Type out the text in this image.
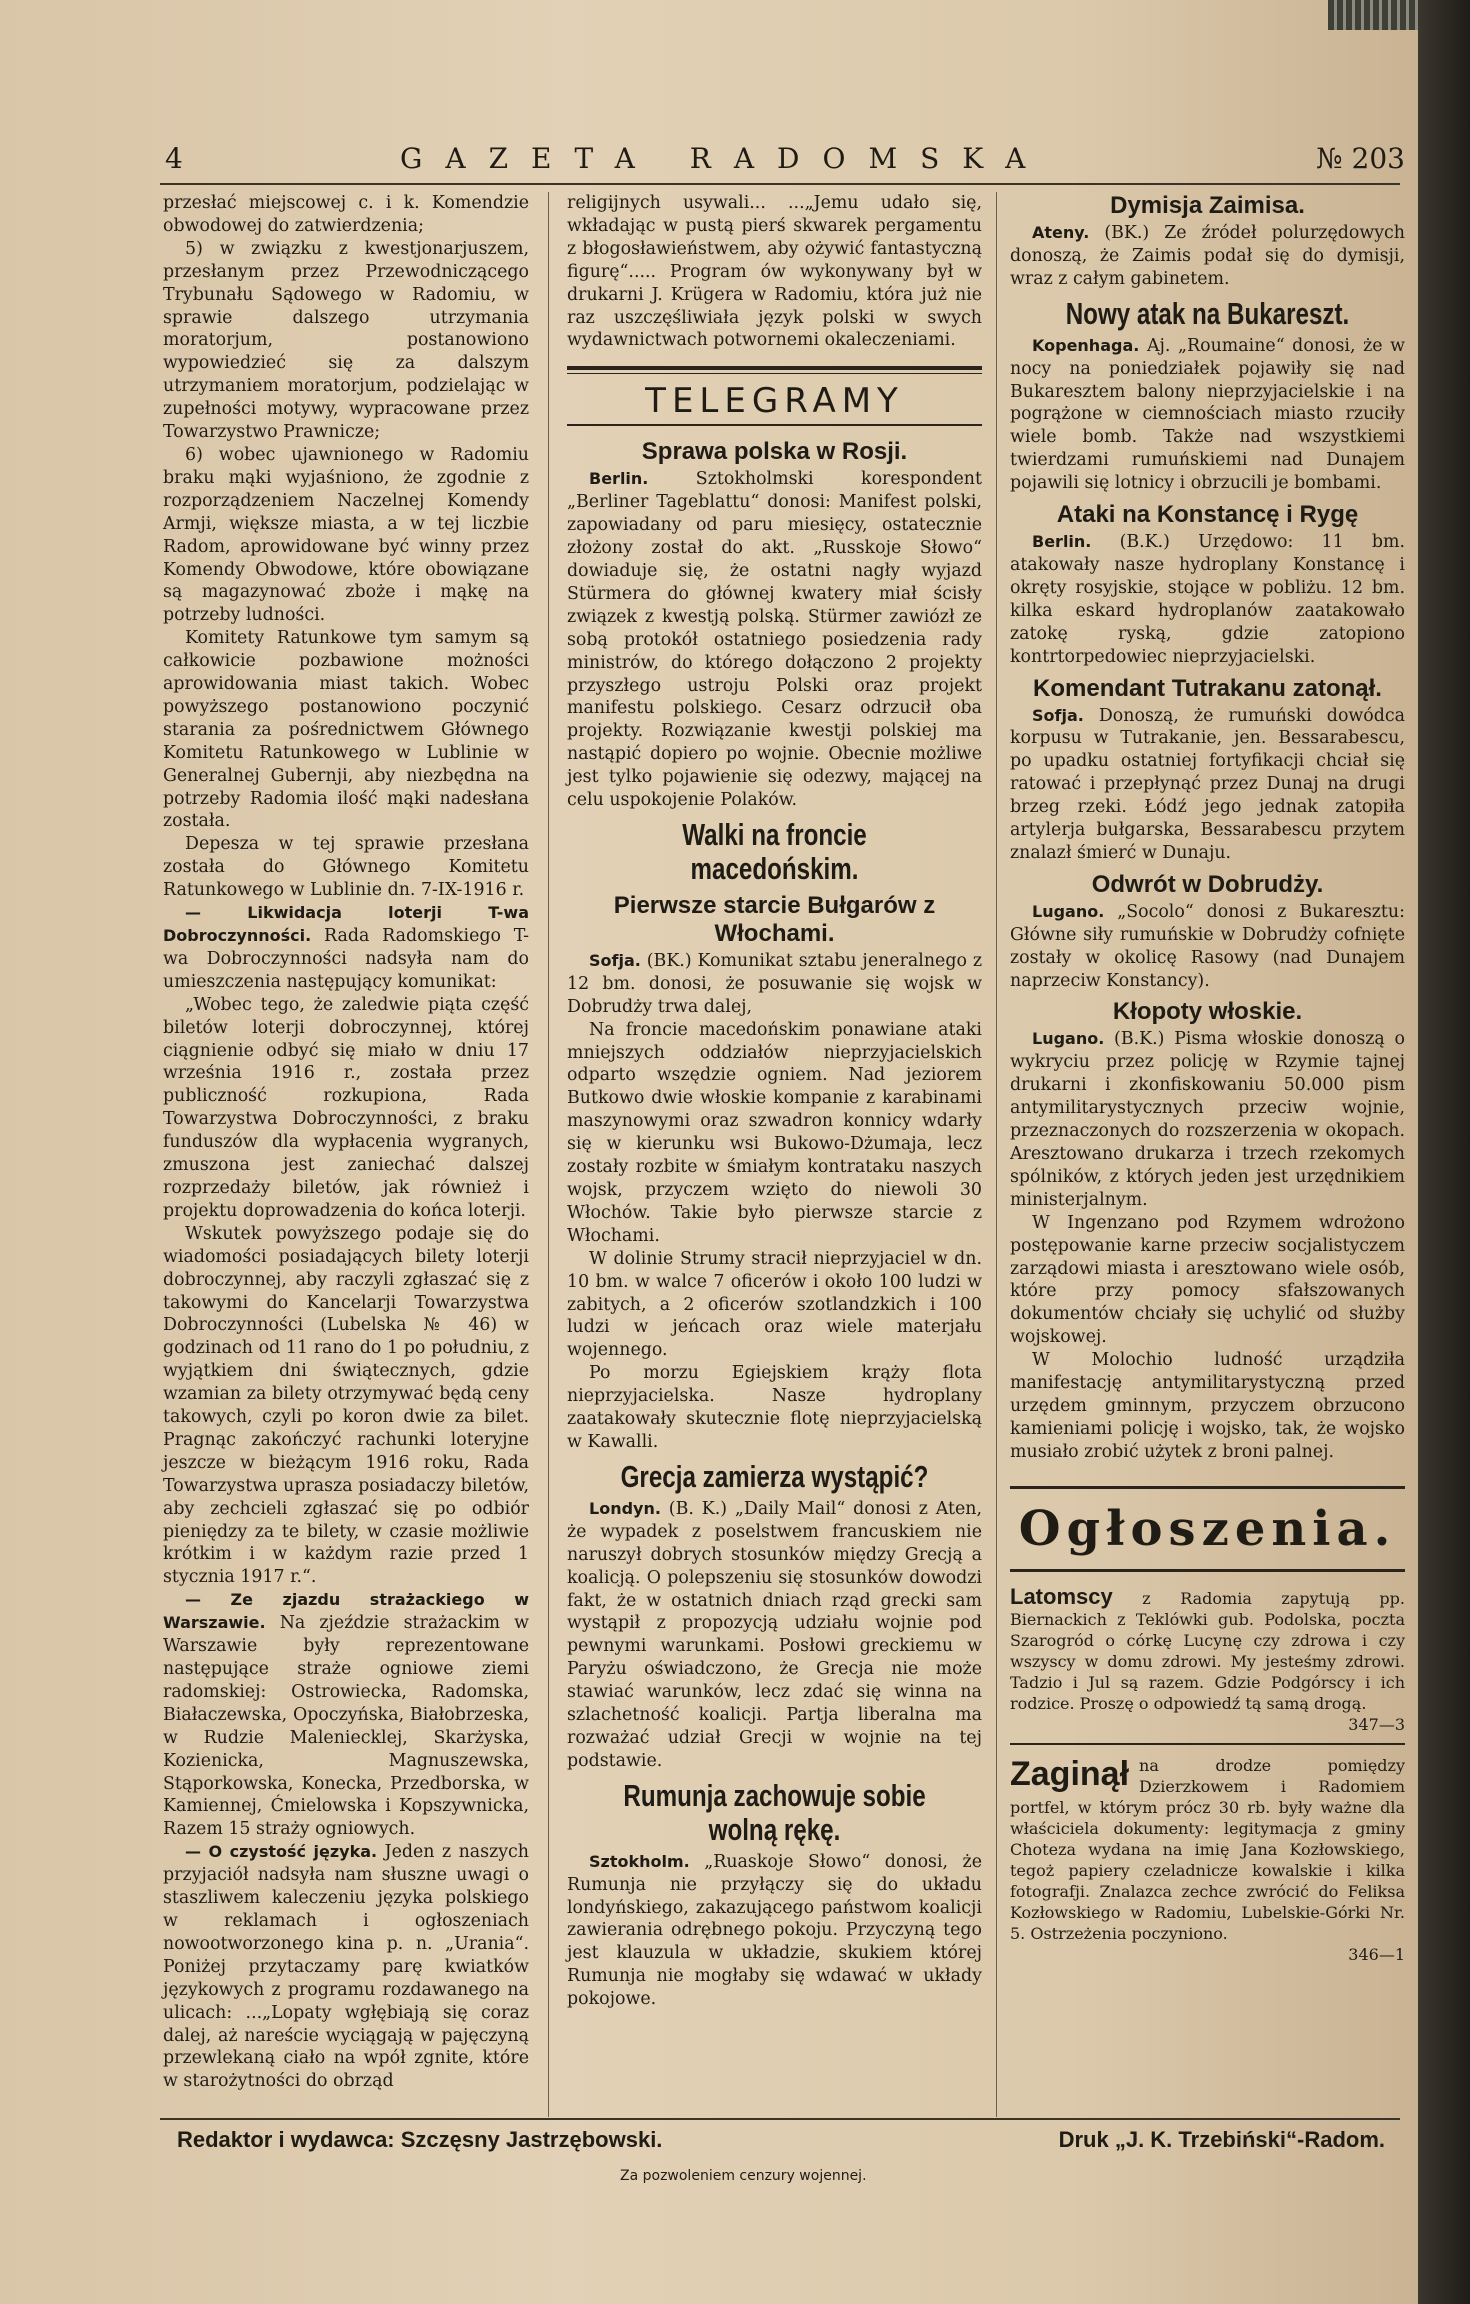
4	GAZETA RADOMSKA	№ 203

przesłać miejscowej c. i k. Komendzie obwodowej do zatwierdzenia;

5) w związku z kwestjonarjuszem, przesłanym przez Przewodniczącego Trybunału Sądowego w Radomiu, w sprawie dalszego utrzymania moratorjum, postanowiono wypowiedzieć się za dalszym utrzymaniem moratorjum, podzielając w zupełności motywy, wypracowane przez Towarzystwo Prawnicze;

6) wobec ujawnionego w Radomiu braku mąki wyjaśniono, że zgodnie z rozporządzeniem Naczelnej Komendy Armji, większe miasta, a w tej liczbie Radom, aprowidowane być winny przez Komendy Obwodowe, które obowiązane są magazynować zboże i mąkę na potrzeby ludności.

Komitety Ratunkowe tym samym są całkowicie pozbawione możności aprowidowania miast takich. Wobec powyższego postanowiono poczynić starania za pośrednictwem Głównego Komitetu Ratunkowego w Lublinie w Generalnej Gubernji, aby niezbędna na potrzeby Radomia ilość mąki nadesłana została.

Depesza w tej sprawie przesłana została do Głównego Komitetu Ratunkowego w Lublinie dn. 7-IX-1916 r.

— Likwidacja loterji T-wa Dobroczynności. Rada Radomskiego T-wa Dobroczynności nadsyła nam do umieszczenia następujący komunikat:

„Wobec tego, że zaledwie piąta część biletów loterji dobroczynnej, której ciągnienie odbyć się miało w dniu 17 września 1916 r., została przez publiczność rozkupiona, Rada Towarzystwa Dobroczynności, z braku funduszów dla wypłacenia wygranych, zmuszona jest zaniechać dalszej rozprzedaży biletów, jak również i projektu doprowadzenia do końca loterji.

Wskutek powyższego podaje się do wiadomości posiadających bilety loterji dobroczynnej, aby raczyli zgłaszać się z takowymi do Kancelarji Towarzystwa Dobroczynności (Lubelska № 46) w godzinach od 11 rano do 1 po południu, z wyjątkiem dni świątecznych, gdzie wzamian za bilety otrzymywać będą ceny takowych, czyli po koron dwie za bilet. Pragnąc zakończyć rachunki loteryjne jeszcze w bieżącym 1916 roku, Rada Towarzystwa uprasza posiadaczy biletów, aby zechcieli zgłaszać się po odbiór pieniędzy za te bilety, w czasie możliwie krótkim i w każdym razie przed 1 stycznia 1917 r.“.

— Ze zjazdu strażackiego w Warszawie. Na zjeździe strażackim w Warszawie były reprezentowane następujące straże ogniowe ziemi radomskiej: Ostrowiecka, Radomska, Białaczewska, Opoczyńska, Białobrzeska, w Rudzie Maleniecklej, Skarżyska, Kozienicka, Magnuszewska, Stąporkowska, Konecka, Przedborska, w Kamiennej, Ćmielowska i Kopszywnicka, Razem 15 straży ogniowych.

— O czystość języka. Jeden z naszych przyjaciół nadsyła nam słuszne uwagi o staszliwem kaleczeniu języka polskiego w reklamach i ogłoszeniach nowootworzonego kina p. n. „Urania“. Poniżej przytaczamy parę kwiatków językowych z programu rozdawanego na ulicach: ...„Lopaty wgłębiają się coraz dalej, aż nareście wyciągają w pajęczyną przewlekaną ciało na wpół zgnite, które w starożytności do obrząd

religijnych usywali... ...„Jemu udało się, wkładając w pustą pierś skwarek pergamentu z błogosławieństwem, aby ożywić fantastyczną figurę“..... Program ów wykonywany był w drukarni J. Krügera w Radomiu, która już nie raz uszczęśliwiała język polski w swych wydawnictwach potwornemi okaleczeniami.

TELEGRAMY
Sprawa polska w Rosji.

Berlin.	Sztokholmski korespondent „Berliner Tageblattu“ donosi: Manifest polski, zapowiadany od paru miesięcy, ostatecznie złożony został do akt. „Russkoje Słowo“ dowiaduje się, że ostatni nagły wyjazd Stürmera do głównej kwatery miał ścisły związek z kwestją polską. Stürmer zawiózł ze sobą protokół ostatniego posiedzenia rady ministrów, do którego dołączono 2 projekty przyszłego ustroju Polski oraz projekt manifestu polskiego. Cesarz odrzucił oba projekty. Rozwiązanie kwestji polskiej ma nastąpić dopiero po wojnie. Obecnie możliwe jest tylko pojawienie się odezwy, mającej na celu uspokojenie Polaków.

Walki na froncie macedońskim.
Pierwsze starcie Bułgarów z Włochami.

Sofja. (BK.) Komunikat sztabu jeneralnego z 12 bm. donosi, że posuwanie się wojsk w Dobrudży trwa dalej,

Na froncie macedońskim ponawiane ataki mniejszych oddziałów nieprzyjacielskich odparto wszędzie ogniem. Nad jeziorem Butkowo dwie włoskie kompanie z karabinami maszynowymi oraz szwadron konnicy wdarły się w kierunku wsi Bukowo-Dżumaja, lecz zostały rozbite w śmiałym kontrataku naszych wojsk, przyczem wzięto do niewoli 30 Włochów. Takie było pierwsze starcie z Włochami.

W dolinie Strumy stracił nieprzyjaciel w dn. 10 bm. w walce 7 oficerów i około 100 ludzi w zabitych, a 2 oficerów szotlandzkich i 100 ludzi w jeńcach oraz wiele materjału wojennego.

Po morzu Egiejskiem krąży flota nieprzyjacielska. Nasze hydroplany zaatakowały skutecznie flotę nieprzyjacielską w Kawalli.

Grecja zamierza wystąpić?

Londyn. (B. K.) „Daily Mail“ donosi z Aten, że wypadek z poselstwem francuskiem nie naruszył dobrych stosunków między Grecją a koalicją. O polepszeniu się stosunków dowodzi fakt, że w ostatnich dniach rząd grecki sam wystąpił z propozycją udziału wojnie pod pewnymi warunkami. Posłowi greckiemu w Paryżu oświadczono, że Grecja nie może stawiać warunków, lecz zdać się winna na szlachetność koalicji. Partja liberalna ma rozważać udział Grecji w wojnie na tej podstawie.

Rumunja zachowuje sobie wolną rękę.

Sztokholm. „Ruaskoje Słowo“ donosi, że Rumunja nie przyłączy się do układu londyńskiego, zakazującego państwom koalicji zawierania odrębnego pokoju. Przyczyną tego jest klauzula w układzie, skukiem której Rumunja nie mogłaby się wdawać w układy pokojowe.

Dymisja Zaimisa.

Ateny. (BK.) Ze źródeł polurzędowych donoszą, że Zaimis podał się do dymisji, wraz z całym gabinetem.

Nowy atak na Bukareszt.

Kopenhaga. Aj. „Roumaine“ donosi, że w nocy na poniedziałek pojawiły się nad Bukaresztem balony nieprzyjacielskie i na pogrążone w ciemnościach miasto rzuciły wiele bomb. Także nad wszystkiemi twierdzami rumuńskiemi nad Dunajem pojawili się lotnicy i obrzucili je bombami.

Ataki na Konstancę i Rygę

Berlin. (B.K.) Urzędowo: 11 bm. atakowały nasze hydroplany Konstancę i okręty rosyjskie, stojące w pobliżu. 12 bm. kilka eskard hydroplanów zaatakowało zatokę ryską, gdzie zatopiono kontrtorpedowiec nieprzyjacielski.

Komendant Tutrakanu zatonął.

Sofja. Donoszą, że rumuński dowódca korpusu w Tutrakanie, jen. Bessarabescu, po upadku ostatniej fortyfikacji chciał się ratować i przepłynąć przez Dunaj na drugi brzeg rzeki. Łódź jego jednak zatopiła artylerja bułgarska, Bessarabescu przytem znalazł śmierć w Dunaju.

Odwrót w Dobrudży.

Lugano. „Socolo“ donosi z Bukaresztu: Główne siły rumuńskie w Dobrudży cofnięte zostały w okolicę Rasowy (nad Dunajem naprzeciw Konstancy).

Kłopoty włoskie.

Lugano. (B.K.) Pisma włoskie donoszą o wykryciu przez policję w Rzymie tajnej drukarni i zkonfiskowaniu 50.000 pism antymilitarystycznych przeciw wojnie, przeznaczonych do rozszerzenia w okopach. Aresztowano drukarza i trzech rzekomych spólników, z których jeden jest urzędnikiem ministerjalnym.

W Ingenzano pod Rzymem wdrożono postępowanie karne przeciw socjalistyczem zarządowi miasta i aresztowano wiele osób, które przy pomocy sfałszowanych dokumentów chciały się uchylić od służby wojskowej.

W Molochio ludność urządziła manifestację antymilitarystyczną przed urzędem gminnym, przyczem obrzucono kamieniami policję i wojsko, tak, że wojsko musiało zrobić użytek z broni palnej.

Ogłoszenia.

Latomscy z Radomia zapytują pp. Biernackich z Teklówki gub. Podolska, poczta Szarogród o córkę Lucynę czy zdrowa i czy wszyscy w domu zdrowi. My jesteśmy zdrowi. Tadzio i Jul są razem. Gdzie Podgórscy i ich rodzice. Proszę o odpowiedź tą samą drogą.

347—3
Zaginął na drodze pomiędzy Dzierzkowem i Radomiem portfel, w którym prócz 30 rb. były ważne dla właściciela dokumenty: legitymacja z gminy Choteza wydana na imię Jana Kozłowskiego, tegoż papiery czeladnicze kowalskie i kilka fotografji. Znalazca zechce zwrócić do Feliksa Kozłowskiego w Radomiu, Lubelskie-Górki Nr. 5. Ostrzeżenia poczyniono.
346—1
Redaktor i wydawca: Szczęsny Jastrzębowski.	Druk „J. K. Trzebiński“-Radom.
Za pozwoleniem cenzury wojennej.
